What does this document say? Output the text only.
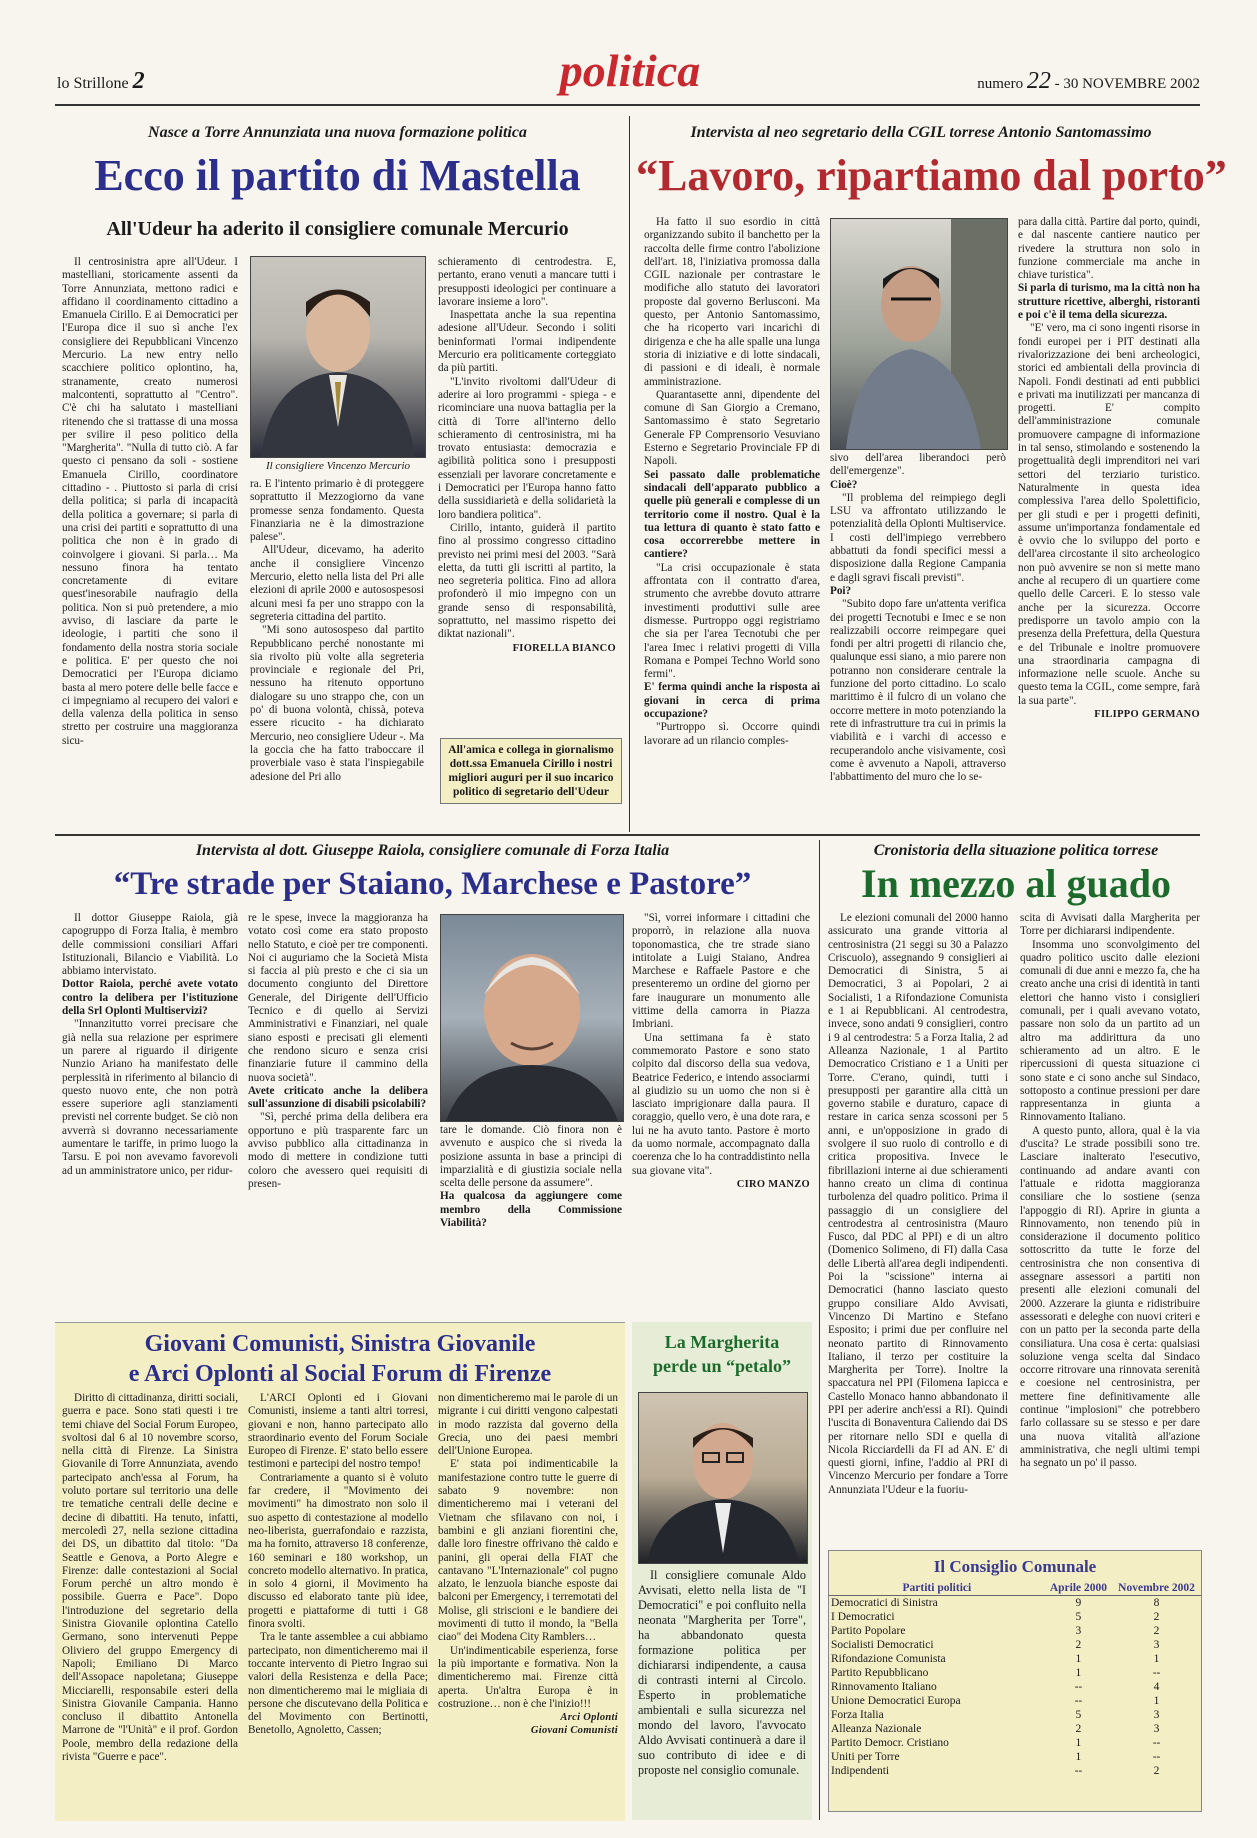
lo Strillone 2	politica	numero 22 - 30 NOVEMBRE 2002
Nasce a Torre Annunziata una nuova formazione politica
Ecco il partito di Mastella
All'Udeur ha aderito il consigliere comunale Mercurio

Il centrosinistra apre all'Udeur. I mastelliani, storicamente assenti da Torre Annunziata, mettono radici e affidano il coordinamento cittadino a Emanuela Cirillo. E ai Democratici per l'Europa dice il suo sì anche l'ex consigliere dei Repubblicani Vincenzo Mercurio. La new entry nello scacchiere politico oplontino, ha, stranamente, creato numerosi malcontenti, soprattutto al "Centro". C'è chi ha salutato i mastelliani ritenendo che si trattasse di una mossa per svilire il peso politico della "Margherita". "Nulla di tutto ciò. A far questo ci pensano da soli - sostiene Emanuela Cirillo, coordinatore cittadino - . Piuttosto si parla di crisi della politica; si parla di incapacità della politica a governare; si parla di una crisi dei partiti e soprattutto di una politica che non è in grado di coinvolgere i giovani. Si parla… Ma nessuno finora ha tentato concretamente di evitare quest'inesorabile naufragio della politica. Non si può pretendere, a mio avviso, di lasciare da parte le ideologie, i partiti che sono il fondamento della nostra storia sociale e politica. E' per questo che noi Democratici per l'Europa diciamo basta al mero potere delle belle facce e ci impegniamo al recupero dei valori e della valenza della politica in senso stretto per costruire una maggioranza sicu-

Il consigliere Vincenzo Mercurio

ra. E l'intento primario è di proteggere soprattutto il Mezzogiorno da vane promesse senza fondamento. Questa Finanziaria ne è la dimostrazione palese".

All'Udeur, dicevamo, ha aderito anche il consigliere Vincenzo Mercurio, eletto nella lista del Pri alle elezioni di aprile 2000 e autosospesosi alcuni mesi fa per uno strappo con la segreteria cittadina del partito.

"Mi sono autosospeso dal partito Repubblicano perché nonostante mi sia rivolto più volte alla segreteria provinciale e regionale del Pri, nessuno ha ritenuto opportuno dialogare su uno strappo che, con un po' di buona volontà, chissà, poteva essere ricucito - ha dichiarato Mercurio, neo consigliere Udeur -. Ma la goccia che ha fatto traboccare il proverbiale vaso è stata l'inspiegabile adesione del Pri allo

schieramento di centrodestra. E, pertanto, erano venuti a mancare tutti i presupposti ideologici per continuare a lavorare insieme a loro".

Inaspettata anche la sua repentina adesione all'Udeur. Secondo i soliti beninformati l'ormai indipendente Mercurio era politicamente corteggiato da più partiti.

"L'invito rivoltomi dall'Udeur di aderire ai loro programmi - spiega - e ricominciare una nuova battaglia per la città di Torre all'interno dello schieramento di centrosinistra, mi ha trovato entusiasta: democrazia e agibilità politica sono i presupposti essenziali per lavorare concretamente e i Democratici per l'Europa hanno fatto della sussidiarietà e della solidarietà la loro bandiera politica".

Cirillo, intanto, guiderà il partito fino al prossimo congresso cittadino previsto nei primi mesi del 2003. "Sarà eletta, da tutti gli iscritti al partito, la neo segreteria politica. Fino ad allora profonderò il mio impegno con un grande senso di responsabilità, soprattutto, nel massimo rispetto dei diktat nazionali".

FIORELLA BIANCO

All'amica e collega in giornalismo dott.ssa Emanuela Cirillo i nostri migliori auguri per il suo incarico politico di segretario dell'Udeur
Intervista al neo segretario della CGIL torrese Antonio Santomassimo
“Lavoro, ripartiamo dal porto”

Ha fatto il suo esordio in città organizzando subito il banchetto per la raccolta delle firme contro l'abolizione dell'art. 18, l'iniziativa promossa dalla CGIL nazionale per contrastare le modifiche allo statuto dei lavoratori proposte dal governo Berlusconi. Ma questo, per Antonio Santomassimo, che ha ricoperto vari incarichi di dirigenza e che ha alle spalle una lunga storia di iniziative e di lotte sindacali, di passioni e di ideali, è normale amministrazione.

Quarantasette anni, dipendente del comune di San Giorgio a Cremano, Santomassimo è stato Segretario Generale FP Comprensorio Vesuviano Esterno e Segretario Provinciale FP di Napoli.

Sei passato dalle problematiche sindacali dell'apparato pubblico a quelle più generali e complesse di un territorio come il nostro. Qual è la tua lettura di quanto è stato fatto e cosa occorrerebbe mettere in cantiere?

"La crisi occupazionale è stata affrontata con il contratto d'area, strumento che avrebbe dovuto attrarre investimenti produttivi sulle aree dismesse. Purtroppo oggi registriamo che sia per l'area Tecnotubi che per l'area Imec i relativi progetti di Villa Romana e Pompei Techno World sono fermi".

E' ferma quindi anche la risposta ai giovani in cerca di prima occupazione?

"Purtroppo sì. Occorre quindi lavorare ad un rilancio comples-

sivo dell'area liberandoci però dell'emergenze".

Cioè?

"Il problema del reimpiego degli LSU va affrontato utilizzando le potenzialità della Oplonti Multiservice. I costi dell'impiego verrebbero abbattuti da fondi specifici messi a disposizione dalla Regione Campania e dagli sgravi fiscali previsti".

Poi?

"Subito dopo fare un'attenta verifica dei progetti Tecnotubi e Imec e se non realizzabili occorre reimpegare quei fondi per altri progetti di rilancio che, qualunque essi siano, a mio parere non potranno non considerare centrale la funzione del porto cittadino. Lo scalo marittimo è il fulcro di un volano che occorre mettere in moto potenziando la rete di infrastrutture tra cui in primis la viabilità e i varchi di accesso e recuperandolo anche visivamente, così come è avvenuto a Napoli, attraverso l'abbattimento del muro che lo se-

para dalla città. Partire dal porto, quindi, e dal nascente cantiere nautico per rivedere la struttura non solo in funzione commerciale ma anche in chiave turistica".

Si parla di turismo, ma la città non ha strutture ricettive, alberghi, ristoranti e poi c'è il tema della sicurezza.

"E' vero, ma ci sono ingenti risorse in fondi europei per i PIT destinati alla rivalorizzazione dei beni archeologici, storici ed ambientali della provincia di Napoli. Fondi destinati ad enti pubblici e privati ma inutilizzati per mancanza di progetti. E' compito dell'amministrazione comunale promuovere campagne di informazione in tal senso, stimolando e sostenendo la progettualità degli imprenditori nei vari settori del terziario turistico. Naturalmente in questa idea complessiva l'area dello Spolettificio, per gli studi e per i progetti definiti, assume un'importanza fondamentale ed è ovvio che lo sviluppo del porto e dell'area circostante il sito archeologico non può avvenire se non si mette mano anche al recupero di un quartiere come quello delle Carceri. E lo stesso vale anche per la sicurezza. Occorre predisporre un tavolo ampio con la presenza della Prefettura, della Questura e del Tribunale e inoltre promuovere una straordinaria campagna di informazione nelle scuole. Anche su questo tema la CGIL, come sempre, farà la sua parte".

FILIPPO GERMANO

Intervista al dott. Giuseppe Raiola, consigliere comunale di Forza Italia
“Tre strade per Staiano, Marchese e Pastore”

Il dottor Giuseppe Raiola, già capogruppo di Forza Italia, è membro delle commissioni consiliari Affari Istituzionali, Bilancio e Viabilità. Lo abbiamo intervistato.

Dottor Raiola, perché avete votato contro la delibera per l'istituzione della Srl Oplonti Multiservizi?

"Innanzitutto vorrei precisare che già nella sua relazione per esprimere un parere al riguardo il dirigente Nunzio Ariano ha manifestato delle perplessità in riferimento al bilancio di questo nuovo ente, che non potrà essere superiore agli stanziamenti previsti nel corrente budget. Se ciò non avverrà si dovranno necessariamente aumentare le tariffe, in primo luogo la Tarsu. E poi non avevamo favorevoli ad un amministratore unico, per ridur-

re le spese, invece la maggioranza ha votato così come era stato proposto nello Statuto, e cioè per tre componenti. Noi ci auguriamo che la Società Mista si faccia al più presto e che ci sia un documento congiunto del Direttore Generale, del Dirigente dell'Ufficio Tecnico e di quello ai Servizi Amministrativi e Finanziari, nel quale siano esposti e precisati gli elementi che rendono sicuro e senza crisi finanziarie future il cammino della nuova società".

Avete criticato anche la delibera sull'assunzione di disabili psicolabili?

"Sì, perché prima della delibera era opportuno e più trasparente farc un avviso pubblico alla cittadinanza in modo di mettere in condizione tutti coloro che avessero quei requisiti di presen-

tare le domande. Ciò finora non è avvenuto e auspico che si riveda la posizione assunta in base a principi di imparzialità e di giustizia sociale nella scelta delle persone da assumere".

Ha qualcosa da aggiungere come membro della Commissione Viabilità?

"Sì, vorrei informare i cittadini che proporrò, in relazione alla nuova toponomastica, che tre strade siano intitolate a Luigi Staiano, Andrea Marchese e Raffaele Pastore e che presenteremo un ordine del giorno per fare inaugurare un monumento alle vittime della camorra in Piazza Imbriani.

Una settimana fa è stato commemorato Pastore e sono stato colpito dal discorso della sua vedova, Beatrice Federico, e intendo associarmi al giudizio su un uomo che non si è lasciato imprigionare dalla paura. Il coraggio, quello vero, è una dote rara, e lui ne ha avuto tanto. Pastore è morto da uomo normale, accompagnato dalla coerenza che lo ha contraddistinto nella sua giovane vita".

CIRO MANZO

Cronistoria della situazione politica torrese
In mezzo al guado

Le elezioni comunali del 2000 hanno assicurato una grande vittoria al centrosinistra (21 seggi su 30 a Palazzo Criscuolo), assegnando 9 consiglieri ai Democratici di Sinistra, 5 ai Democratici, 3 ai Popolari, 2 ai Socialisti, 1 a Rifondazione Comunista e 1 ai Repubblicani. Al centrodestra, invece, sono andati 9 consiglieri, contro i 9 al centrodestra: 5 a Forza Italia, 2 ad Alleanza Nazionale, 1 al Partito Democratico Cristiano e 1 a Uniti per Torre. C'erano, quindi, tutti i presupposti per garantire alla città un governo stabile e duraturo, capace di restare in carica senza scossoni per 5 anni, e un'opposizione in grado di svolgere il suo ruolo di controllo e di critica propositiva. Invece le fibrillazioni interne ai due schieramenti hanno creato un clima di continua turbolenza del quadro politico. Prima il passaggio di un consigliere del centrodestra al centrosinistra (Mauro Fusco, dal PDC al PPI) e di un altro (Domenico Solimeno, di FI) dalla Casa delle Libertà all'area degli indipendenti. Poi la "scissione" interna ai Democratici (hanno lasciato questo gruppo consiliare Aldo Avvisati, Vincenzo Di Martino e Stefano Esposito; i primi due per confluire nel neonato partito di Rinnovamento Italiano, il terzo per costituire la Margherita per Torre). Inoltre la spaccatura nel PPI (Filomena Iapicca e Castello Monaco hanno abbandonato il PPI per aderire anch'essi a RI). Quindi l'uscita di Bonaventura Caliendo dai DS per ritornare nello SDI e quella di Nicola Ricciardelli da FI ad AN. E' di questi giorni, infine, l'addio al PRI di Vincenzo Mercurio per fondare a Torre Annunziata l'Udeur e la fuoriu-

scita di Avvisati dalla Margherita per Torre per dichiararsi indipendente.

Insomma uno sconvolgimento del quadro politico uscito dalle elezioni comunali di due anni e mezzo fa, che ha creato anche una crisi di identità in tanti elettori che hanno visto i consiglieri comunali, per i quali avevano votato, passare non solo da un partito ad un altro ma addirittura da uno schieramento ad un altro. E le ripercussioni di questa situazione ci sono state e ci sono anche sul Sindaco, sottoposto a continue pressioni per dare rappresentanza in giunta a Rinnovamento Italiano.

A questo punto, allora, qual è la via d'uscita? Le strade possibili sono tre. Lasciare inalterato l'esecutivo, continuando ad andare avanti con l'attuale e ridotta maggioranza consiliare che lo sostiene (senza l'appoggio di RI). Aprire in giunta a Rinnovamento, non tenendo più in considerazione il documento politico sottoscritto da tutte le forze del centrosinistra che non consentiva di assegnare assessori a partiti non presenti alle elezioni comunali del 2000. Azzerare la giunta e ridistribuire assessorati e deleghe con nuovi criteri e con un patto per la seconda parte della consiliatura. Una cosa è certa: qualsiasi soluzione venga scelta dal Sindaco occorre ritrovare una rinnovata serenità e coesione nel centrosinistra, per mettere fine definitivamente alle continue "implosioni" che potrebbero farlo collassare su se stesso e per dare una nuova vitalità all'azione amministrativa, che negli ultimi tempi ha segnato un po' il passo.

Il Consiglio Comunale
Partiti politici	Aprile 2000	Novembre 2002
Democratici di Sinistra	9	8
I Democratici	5	2
Partito Popolare	3	2
Socialisti Democratici	2	3
Rifondazione Comunista	1	1
Partito Repubblicano	1	--
Rinnovamento Italiano	--	4
Unione Democratici Europa	--	1
Forza Italia	5	3
Alleanza Nazionale	2	3
Partito Democr. Cristiano	1	--
Uniti per Torre	1	--
Indipendenti	--	2
Giovani Comunisti, Sinistra Giovanile
e Arci Oplonti al Social Forum di Firenze

Diritto di cittadinanza, diritti sociali, guerra e pace. Sono stati questi i tre temi chiave del Social Forum Europeo, svoltosi dal 6 al 10 novembre scorso, nella città di Firenze. La Sinistra Giovanile di Torre Annunziata, avendo partecipato anch'essa al Forum, ha voluto portare sul territorio una delle tre tematiche centrali delle decine e decine di dibattiti. Ha tenuto, infatti, mercoledì 27, nella sezione cittadina dei DS, un dibattito dal titolo: "Da Seattle e Genova, a Porto Alegre e Firenze: dalle contestazioni al Social Forum perché un altro mondo è possibile. Guerra e Pace". Dopo l'introduzione del segretario della Sinistra Giovanile oplontina Catello Germano, sono intervenuti Peppe Oliviero del gruppo Emergency di Napoli; Emiliano Di Marco dell'Assopace napoletana; Giuseppe Micciarelli, responsabile esteri della Sinistra Giovanile Campania. Hanno concluso il dibattito Antonella Marrone de "l'Unità" e il prof. Gordon Poole, membro della redazione della rivista "Guerre e pace".

L'ARCI Oplonti ed i Giovani Comunisti, insieme a tanti altri torresi, giovani e non, hanno partecipato allo straordinario evento del Forum Sociale Europeo di Firenze. E' stato bello essere testimoni e partecipi del nostro tempo!

Contrariamente a quanto si è voluto far credere, il "Movimento dei movimenti" ha dimostrato non solo il suo aspetto di contestazione al modello neo-liberista, guerrafondaio e razzista, ma ha fornito, attraverso 18 conferenze, 160 seminari e 180 workshop, un concreto modello alternativo. In pratica, in solo 4 giorni, il Movimento ha discusso ed elaborato tante più idee, progetti e piattaforme di tutti i G8 finora svolti.

Tra le tante assemblee a cui abbiamo partecipato, non dimenticheremo mai il toccante intervento di Pietro Ingrao sui valori della Resistenza e della Pace; non dimenticheremo mai le migliaia di persone che discutevano della Politica e del Movimento con Bertinotti, Benetollo, Agnoletto, Cassen;

non dimenticheremo mai le parole di un migrante i cui diritti vengono calpestati in modo razzista dal governo della Grecia, uno dei paesi membri dell'Unione Europea.

E' stata poi indimenticabile la manifestazione contro tutte le guerre di sabato 9 novembre: non dimenticheremo mai i veterani del Vietnam che sfilavano con noi, i bambini e gli anziani fiorentini che, dalle loro finestre offrivano thè caldo e panini, gli operai della FIAT che cantavano "L'Internazionale" col pugno alzato, le lenzuola bianche esposte dai balconi per Emergency, i terremotati del Molise, gli striscioni e le bandiere dei movimenti di tutto il mondo, la "Bella ciao" dei Modena City Ramblers…

Un'indimenticabile esperienza, forse la più importante e formativa. Non la dimenticheremo mai. Firenze città aperta. Un'altra Europa è in costruzione… non è che l'inizio!!!

Arci Oplonti

Giovani Comunisti

La Margherita
perde un “petalo”

Il consigliere comunale Aldo Avvisati, eletto nella lista de "I Democratici" e poi confluito nella neonata "Margherita per Torre", ha abbandonato questa formazione politica per dichiararsi indipendente, a causa di contrasti interni al Circolo. Esperto in problematiche ambientali e sulla sicurezza nel mondo del lavoro, l'avvocato Aldo Avvisati continuerà a dare il suo contributo di idee e di proposte nel consiglio comunale.
